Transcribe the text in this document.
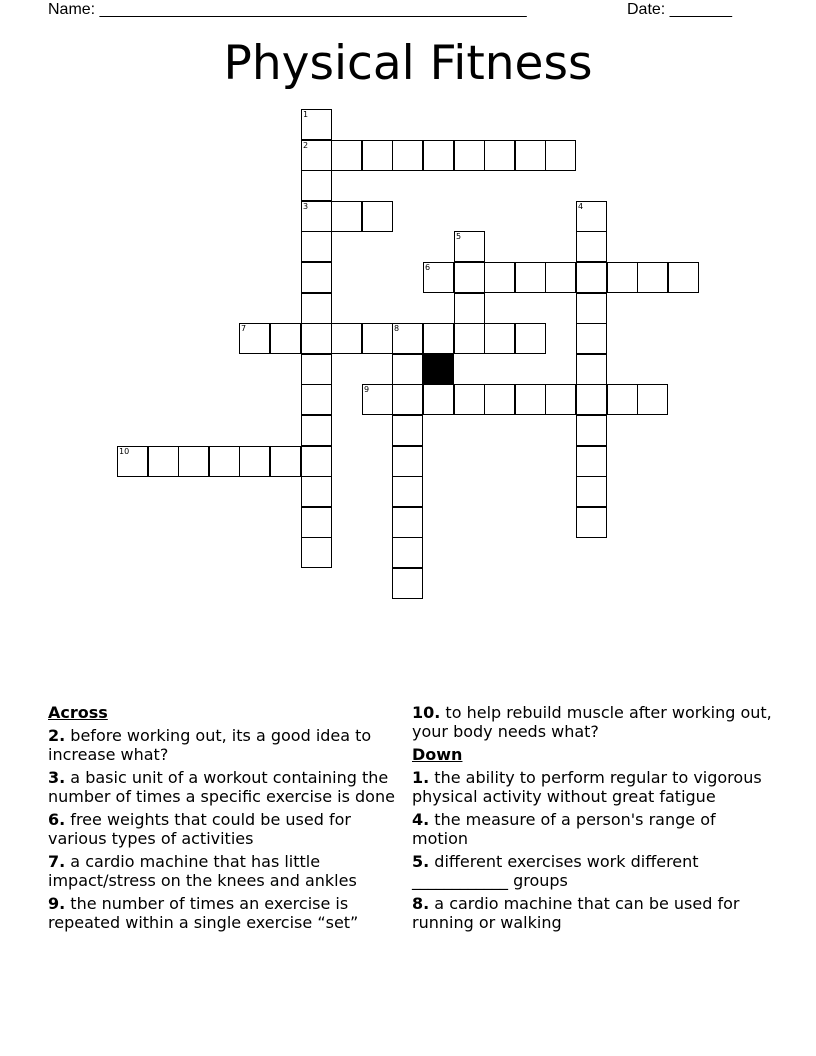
Name: ________________________________________________	Date: _______
Physical Fitness
1
2
3	4
5
6
7	8
9
10
Across
2. before working out, its a good idea to increase what?
3. a basic unit of a workout containing the number of times a specific exercise is done
6. free weights that could be used for various types of activities
7. a cardio machine that has little impact/stress on the knees and ankles
9. the number of times an exercise is repeated within a single exercise “set”
10. to help rebuild muscle after working out, your body needs what?
Down
1. the ability to perform regular to vigorous physical activity without great fatigue
4. the measure of a person's range of motion
5. different exercises work different ____________ groups
8. a cardio machine that can be used for running or walking
